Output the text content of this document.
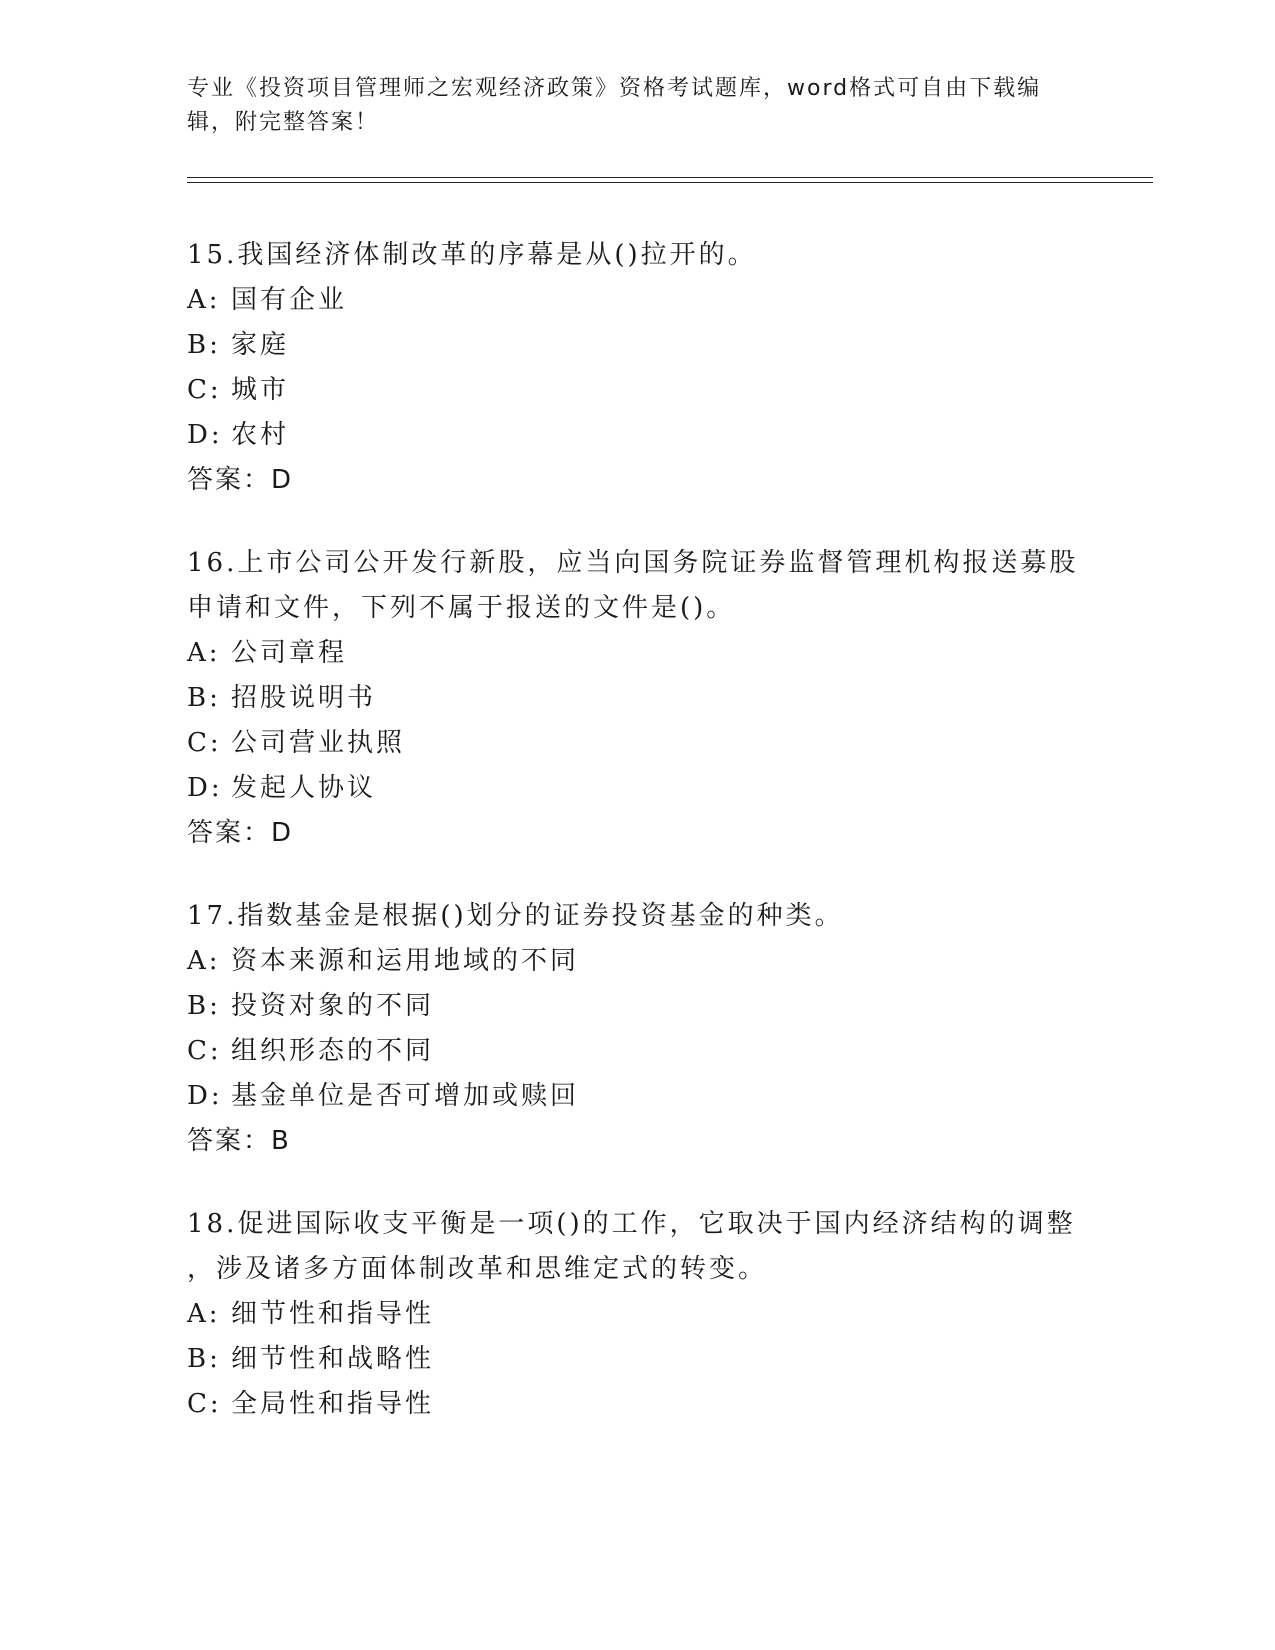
专业《投资项目管理师之宏观经济政策》资格考试题库，word格式可自由下载编
辑，附完整答案！

15.我国经济体制改革的序幕是从()拉开的。

A: 国有企业

B: 家庭

C: 城市

D: 农村

答案：D

16.上市公司公开发行新股，应当向国务院证券监督管理机构报送募股

申请和文件，下列不属于报送的文件是()。

A: 公司章程

B: 招股说明书

C: 公司营业执照

D: 发起人协议

答案：D

17.指数基金是根据()划分的证券投资基金的种类。

A: 资本来源和运用地域的不同

B: 投资对象的不同

C: 组织形态的不同

D: 基金单位是否可增加或赎回

答案：B

18.促进国际收支平衡是一项()的工作，它取决于国内经济结构的调整

，涉及诸多方面体制改革和思维定式的转变。

A: 细节性和指导性

B: 细节性和战略性

C: 全局性和指导性
